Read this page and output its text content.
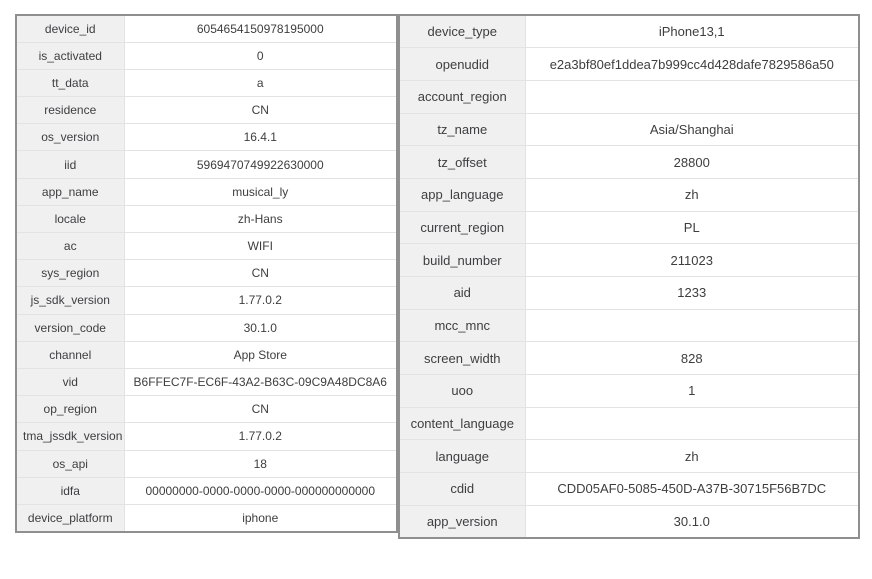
device_id	6054654150978195000
is_activated	0
tt_data	a
residence	CN
os_version	16.4.1
iid	5969470749922630000
app_name	musical_ly
locale	zh-Hans
ac	WIFI
sys_region	CN
js_sdk_version	1.77.0.2
version_code	30.1.0
channel	App Store
vid	B6FFEC7F-EC6F-43A2-B63C-09C9A48DC8A6
op_region	CN
tma_jssdk_version	1.77.0.2
os_api	18
idfa	00000000-0000-0000-0000-000000000000
device_platform	iphone
device_type	iPhone13,1
openudid	e2a3bf80ef1ddea7b999cc4d428dafe7829586a50
account_region	
tz_name	Asia/Shanghai
tz_offset	28800
app_language	zh
current_region	PL
build_number	211023
aid	1233
mcc_mnc	
screen_width	828
uoo	1
content_language	
language	zh
cdid	CDD05AF0-5085-450D-A37B-30715F56B7DC
app_version	30.1.0
